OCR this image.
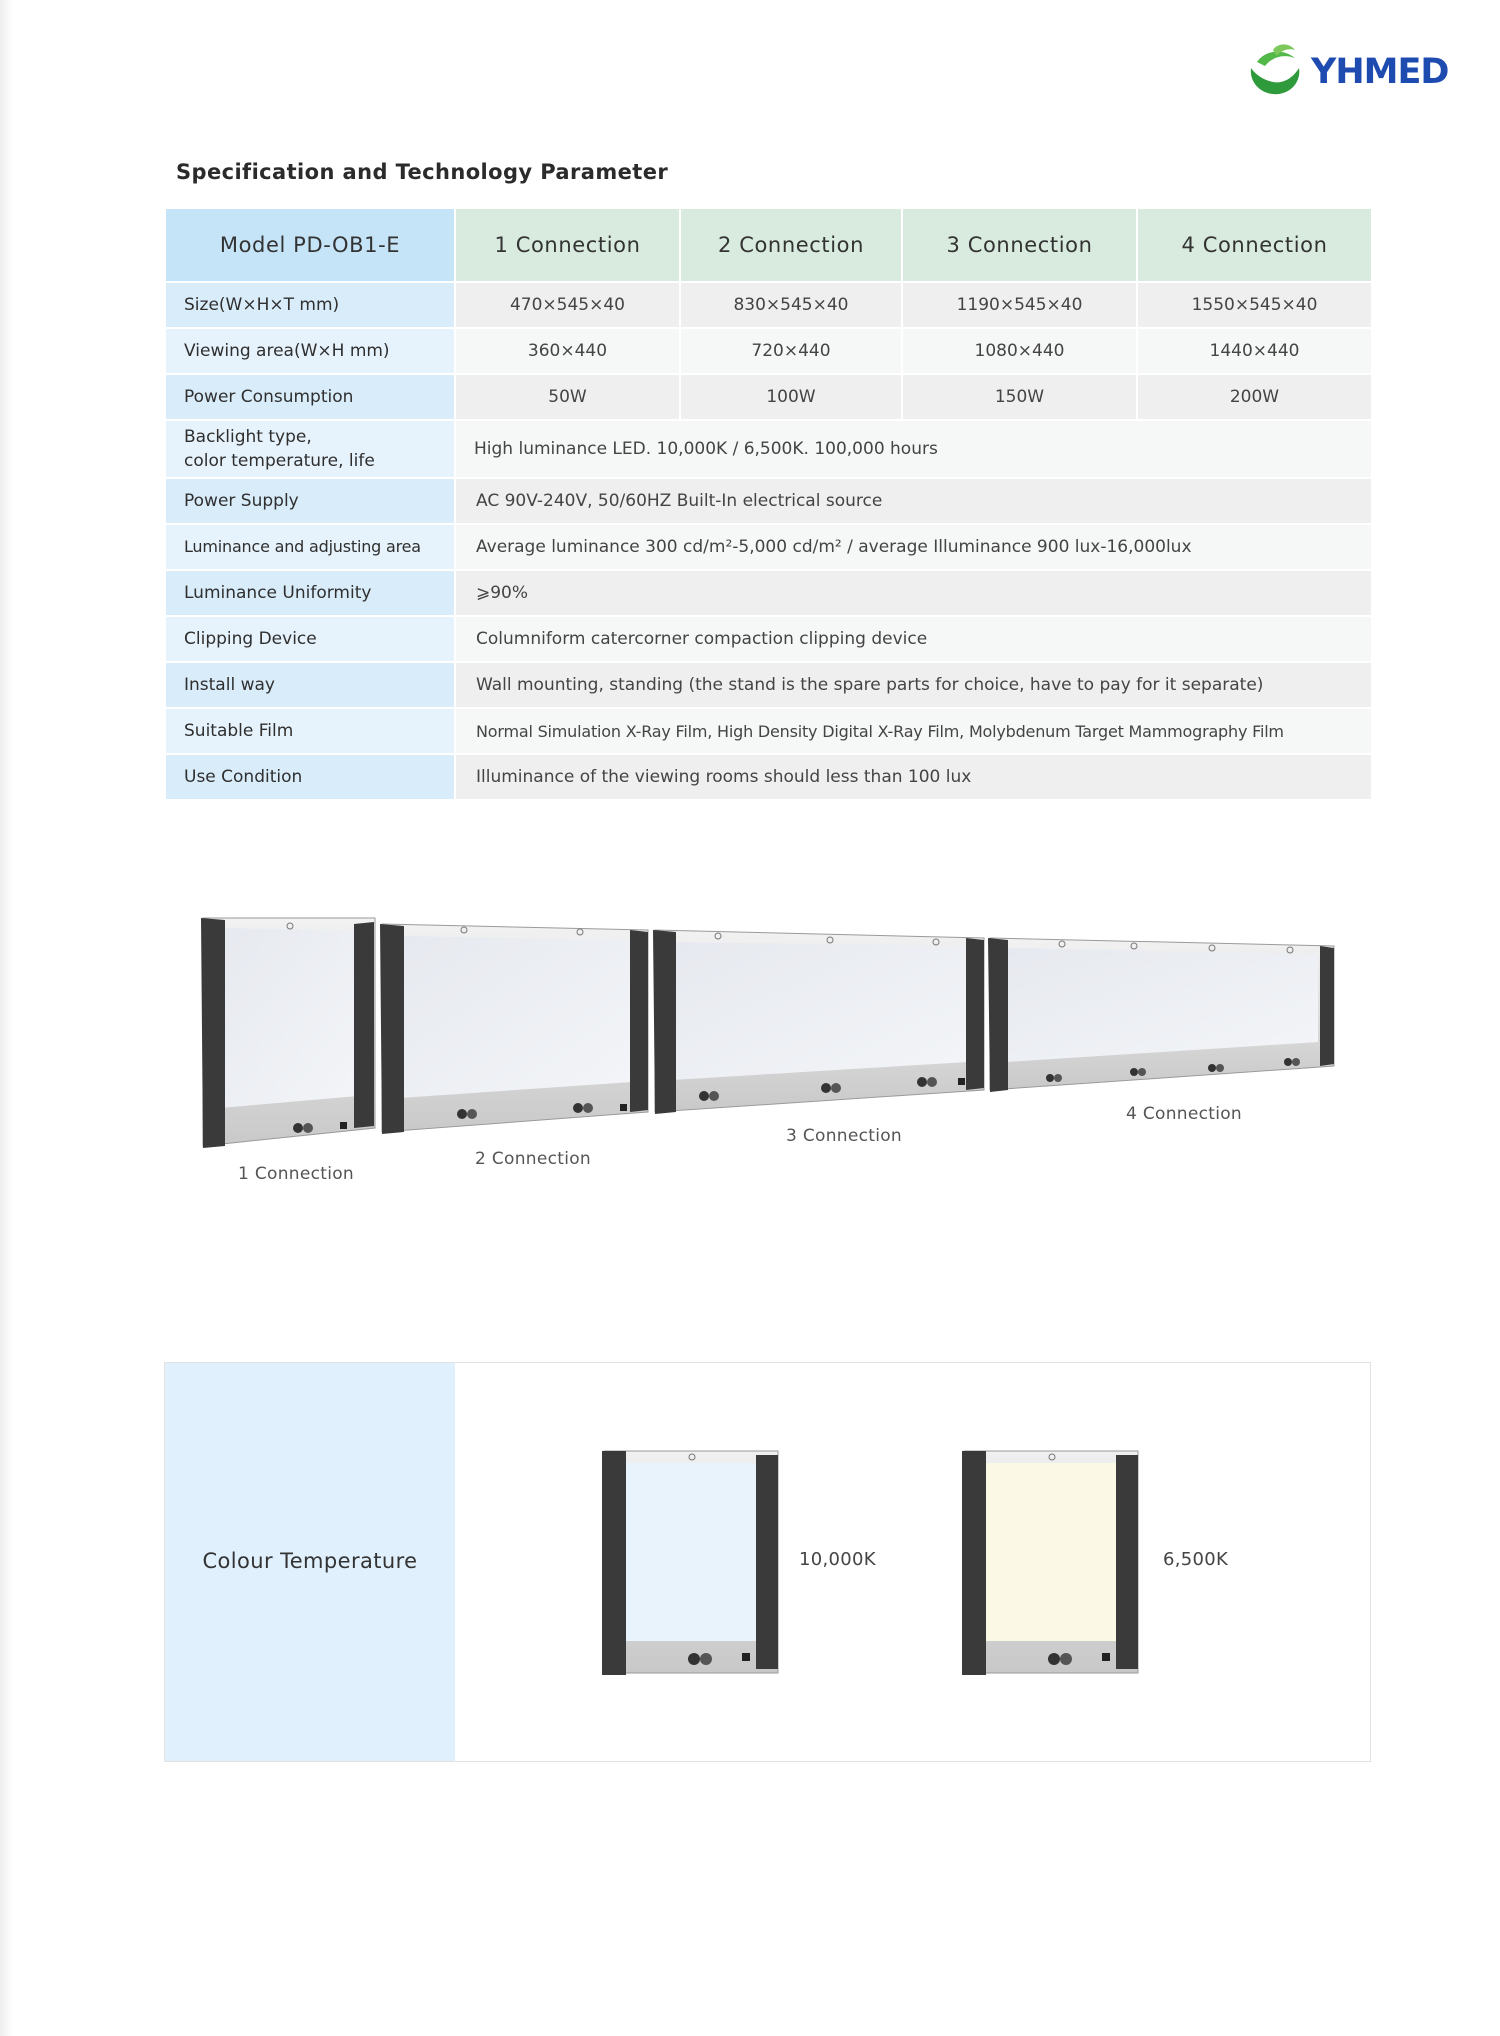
YHMED
Specification and Technology Parameter
Model PD-OB1-E	1 Connection	2 Connection	3 Connection	4 Connection
Size(W×H×T mm)	470×545×40	830×545×40	1190×545×40	1550×545×40
Viewing area(W×H mm)	360×440	720×440	1080×440	1440×440
Power Consumption	50W	100W	150W	200W

Backlight type,
color temperature, life	High luminance LED. 10,000K / 6,500K. 100,000 hours			
Power Supply	AC 90V-240V, 50/60HZ Built-In electrical source			
Luminance and adjusting area	Average luminance 300 cd/m²-5,000 cd/m² / average Illuminance 900 lux-16,000lux			
Luminance Uniformity	⩾90%			
Clipping Device	Columniform catercorner compaction clipping device			
Install way	Wall mounting, standing (the stand is the spare parts for choice, have to pay for it separate)			
Suitable Film	Normal Simulation X-Ray Film, High Density Digital X-Ray Film, Molybdenum Target Mammography Film			
Use Condition	Illuminance of the viewing rooms should less than 100 lux			
1 Connection
2 Connection
3 Connection
4 Connection
Colour Temperature	10,000K	6,500K
